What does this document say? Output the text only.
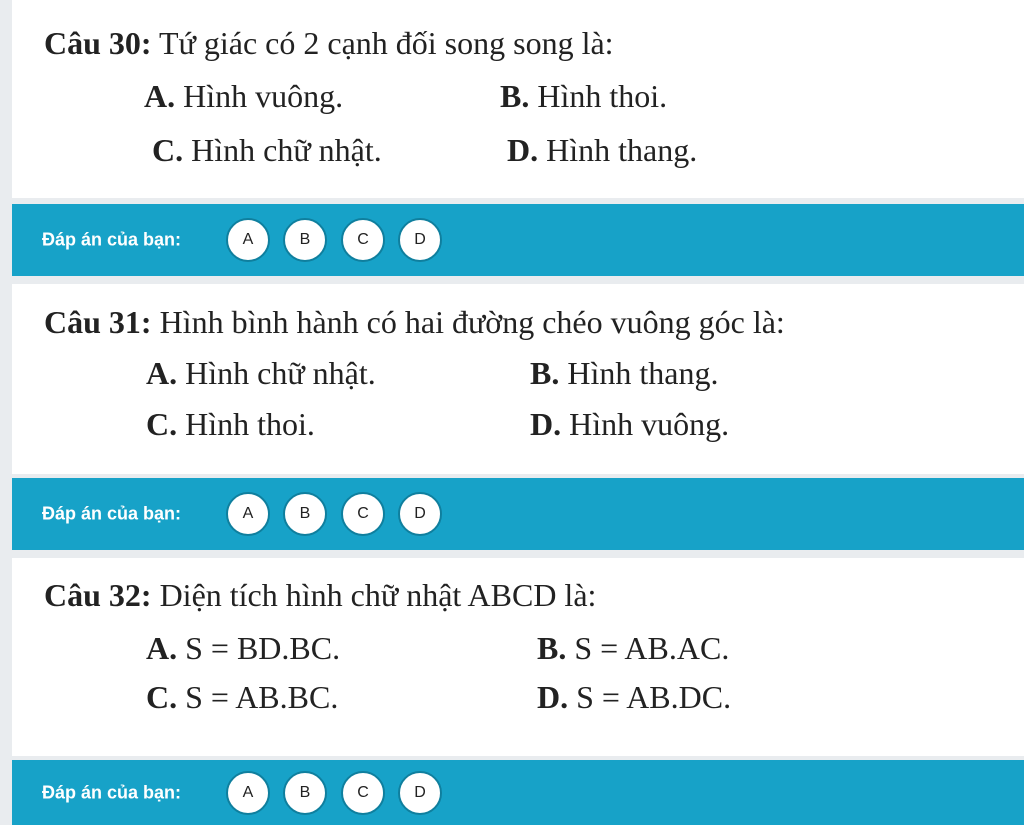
Câu 30: Tứ giác có 2 cạnh đối song song là:
A. Hình vuông.	B. Hình thoi.
C. Hình chữ nhật.	D. Hình thang.
Đáp án của bạn:	A	B	C	D
Câu 31: Hình bình hành có hai đường chéo vuông góc là:
A. Hình chữ nhật.	B. Hình thang.
C. Hình thoi.	D. Hình vuông.
Đáp án của bạn:	A	B	C	D
Câu 32: Diện tích hình chữ nhật ABCD là:
A. S = BD.BC.	B. S = AB.AC.
C. S = AB.BC.	D. S = AB.DC.
Đáp án của bạn:	A	B	C	D
